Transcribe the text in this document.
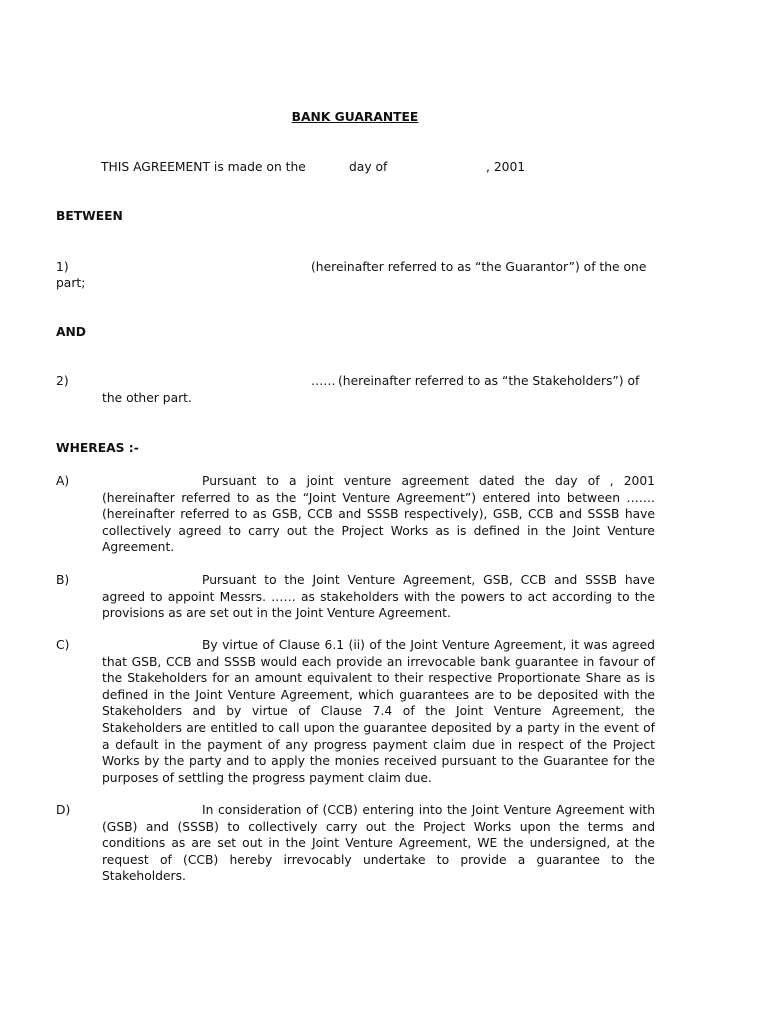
BANK GUARANTEE
THIS AGREEMENT is made on the	day of	, 2001
BETWEEN
1)	(hereinafter referred to as “the Guarantor”) of the one
part;
AND
2)	…… (hereinafter referred to as “the Stakeholders”) of
the other part.
WHEREAS :-
A)	Pursuant to a joint venture agreement dated the day of , 2001 (hereinafter referred to as the “Joint Venture Agreement”) entered into between …….(hereinafter referred to as GSB, CCB and SSSB respectively), GSB, CCB and SSSB have collectively agreed to carry out the Project Works as is defined in the Joint Venture Agreement.
B)	Pursuant to the Joint Venture Agreement, GSB, CCB and SSSB have agreed to appoint Messrs. …… as stakeholders with the powers to act according to the provisions as are set out in the Joint Venture Agreement.
C)	By virtue of Clause 6.1 (ii) of the Joint Venture Agreement, it was agreed that GSB, CCB and SSSB would each provide an irrevocable bank guarantee in favour of the Stakeholders for an amount equivalent to their respective Proportionate Share as is defined in the Joint Venture Agreement, which guarantees are to be deposited with the Stakeholders and by virtue of Clause 7.4 of the Joint Venture Agreement, the Stakeholders are entitled to call upon the guarantee deposited by a party in the event of a default in the payment of any progress payment claim due in respect of the Project Works by the party and to apply the monies received pursuant to the Guarantee for the purposes of settling the progress payment claim due.
D)	In consideration of (CCB) entering into the Joint Venture Agreement with (GSB) and (SSSB) to collectively carry out the Project Works upon the terms and conditions as are set out in the Joint Venture Agreement, WE the undersigned, at the request of (CCB) hereby irrevocably undertake to provide a guarantee to the Stakeholders.
